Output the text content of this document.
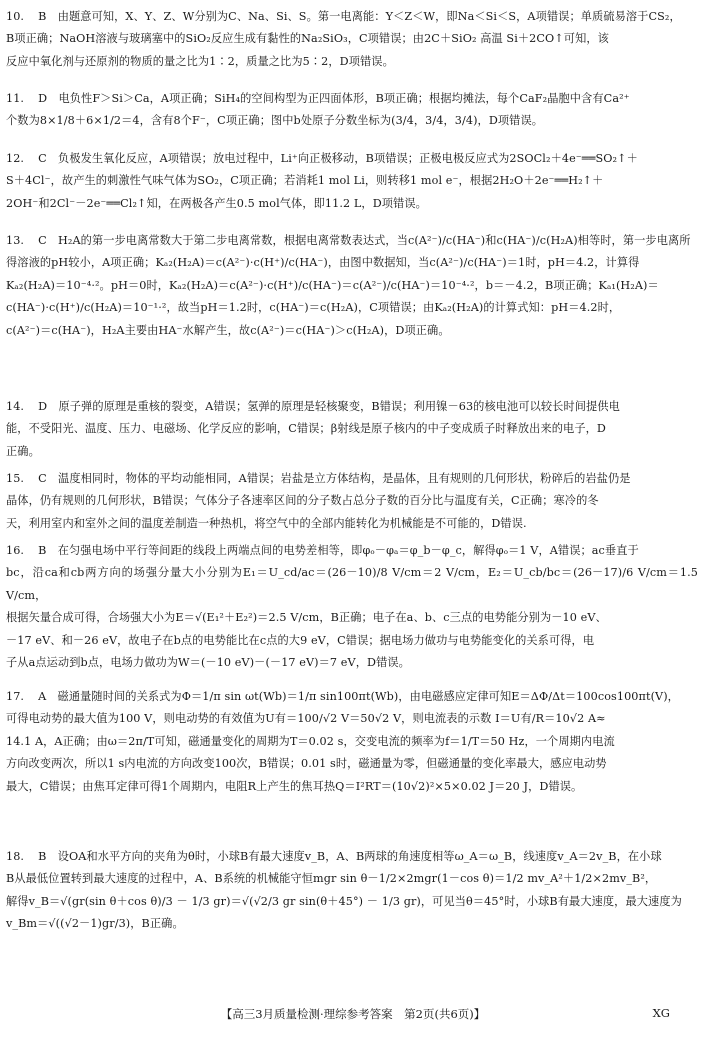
10. B　由题意可知，X、Y、Z、W分别为C、Na、Si、S。第一电离能：Y＜Z＜W，即Na＜Si＜S，A项错误；单质硫易溶于CS₂，

B项正确；NaOH溶液与玻璃塞中的SiO₂反应生成有黏性的Na₂SiO₃，C项错误；由2C＋SiO₂ 高温 Si＋2CO↑可知，该

反应中氧化剂与还原剂的物质的量之比为1∶2，质量之比为5∶2，D项错误。

11. D　电负性F＞Si＞Ca，A项正确；SiH₄的空间构型为正四面体形，B项正确；根据均摊法，每个CaF₂晶胞中含有Ca²⁺

个数为8×1/8＋6×1/2＝4，含有8个F⁻，C项正确；图中b处原子分数坐标为(3/4，3/4，3/4)，D项错误。

12. C　负极发生氧化反应，A项错误；放电过程中，Li⁺向正极移动，B项错误；正极电极反应式为2SOCl₂＋4e⁻══SO₂↑＋

S＋4Cl⁻，故产生的刺激性气味气体为SO₂，C项正确；若消耗1 mol Li，则转移1 mol e⁻，根据2H₂O＋2e⁻══H₂↑＋

2OH⁻和2Cl⁻－2e⁻══Cl₂↑知，在两极各产生0.5 mol气体，即11.2 L，D项错误。

13. C　H₂A的第一步电离常数大于第二步电离常数，根据电离常数表达式，当c(A²⁻)/c(HA⁻)和c(HA⁻)/c(H₂A)相等时，第一步电离所

得溶液的pH较小，A项正确；Kₐ₂(H₂A)＝c(A²⁻)·c(H⁺)/c(HA⁻)，由图中数据知，当c(A²⁻)/c(HA⁻)＝1时，pH＝4.2，计算得

Kₐ₂(H₂A)＝10⁻⁴·²。pH＝0时，Kₐ₂(H₂A)＝c(A²⁻)·c(H⁺)/c(HA⁻)＝c(A²⁻)/c(HA⁻)＝10⁻⁴·²，b＝－4.2，B项正确；Kₐ₁(H₂A)＝

c(HA⁻)·c(H⁺)/c(H₂A)＝10⁻¹·²，故当pH＝1.2时，c(HA⁻)＝c(H₂A)，C项错误；由Kₐ₂(H₂A)的计算式知：pH＝4.2时，

c(A²⁻)＝c(HA⁻)，H₂A主要由HA⁻水解产生，故c(A²⁻)＝c(HA⁻)＞c(H₂A)，D项正确。

14. D　原子弹的原理是重核的裂变，A错误；氢弹的原理是轻核聚变，B错误；利用镍－63的核电池可以较长时间提供电

能，不受阳光、温度、压力、电磁场、化学反应的影响，C错误；β射线是原子核内的中子变成质子时释放出来的电子，D

正确。

15. C　温度相同时，物体的平均动能相同，A错误；岩盐是立方体结构，是晶体，且有规则的几何形状，粉碎后的岩盐仍是

晶体，仍有规则的几何形状，B错误；气体分子各速率区间的分子数占总分子数的百分比与温度有关，C正确；寒冷的冬

天，利用室内和室外之间的温度差制造一种热机，将空气中的全部内能转化为机械能是不可能的，D错误.

16. B　在匀强电场中平行等间距的线段上两端点间的电势差相等，即φₒ－φₐ＝φ_b－φ_c，解得φₒ＝1 V，A错误；ac垂直于

bc，沿ca和cb两方向的场强分量大小分别为E₁＝U_cd/ac＝(26－10)/8 V/cm＝2 V/cm，E₂＝U_cb/bc＝(26－17)/6 V/cm＝1.5 V/cm，

根据矢量合成可得，合场强大小为E＝√(E₁²＋E₂²)＝2.5 V/cm，B正确；电子在a、b、c三点的电势能分别为－10 eV、

－17 eV、和－26 eV，故电子在b点的电势能比在c点的大9 eV，C错误；据电场力做功与电势能变化的关系可得，电

子从a点运动到b点，电场力做功为W＝(－10 eV)－(－17 eV)＝7 eV，D错误。

17. A　磁通量随时间的关系式为Φ＝1/π sin ωt(Wb)＝1/π sin100πt(Wb)，由电磁感应定律可知E＝ΔΦ/Δt＝100cos100πt(V)，

可得电动势的最大值为100 V，则电动势的有效值为U有＝100/√2 V＝50√2 V，则电流表的示数 I＝U有/R＝10√2 A≈

14.1 A，A正确；由ω＝2π/T可知，磁通量变化的周期为T＝0.02 s，交变电流的频率为f＝1/T＝50 Hz，一个周期内电流

方向改变两次，所以1 s内电流的方向改变100次，B错误；0.01 s时，磁通量为零，但磁通量的变化率最大，感应电动势

最大，C错误；由焦耳定律可得1个周期内，电阻R上产生的焦耳热Q＝I²RT＝(10√2)²×5×0.02 J＝20 J，D错误。

18. B　设OA和水平方向的夹角为θ时，小球B有最大速度v_B，A、B两球的角速度相等ω_A＝ω_B，线速度v_A＝2v_B，在小球

B从最低位置转到最大速度的过程中，A、B系统的机械能守恒mgr sin θ－1/2×2mgr(1－cos θ)＝1/2 mv_A²＋1/2×2mv_B²，

解得v_B＝√(gr(sin θ＋cos θ)/3 － 1/3 gr)＝√(√2/3 gr sin(θ＋45°) － 1/3 gr)，可见当θ＝45°时，小球B有最大速度，最大速度为

v_Bm＝√((√2－1)gr/3)，B正确。

【高三3月质量检测·理综参考答案　第2页(共6页)】	XG
